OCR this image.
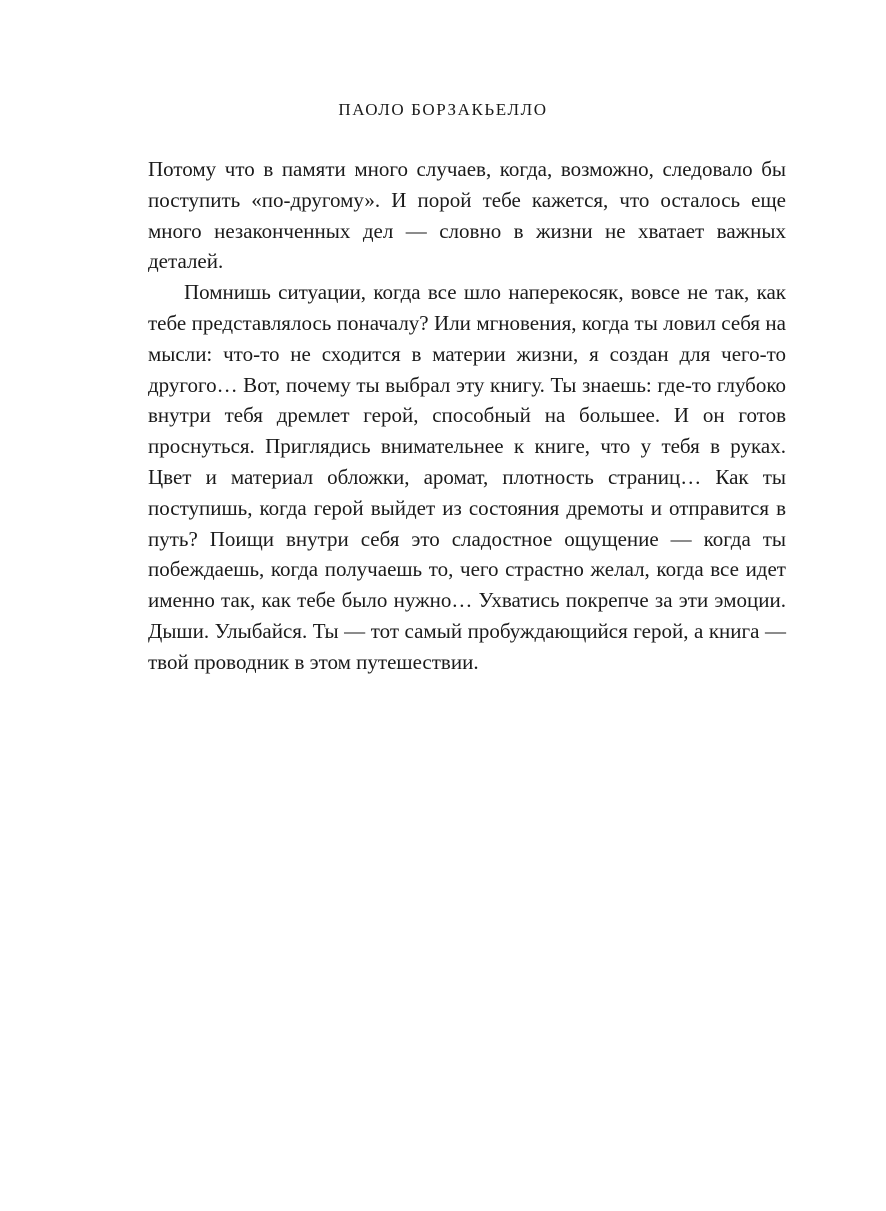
ПАОЛО БОРЗАКЬЕЛЛО

Потому что в памяти много случаев, когда, возможно, следовало бы поступить «по-другому». И порой тебе кажется, что осталось еще много незаконченных дел — словно в жизни не хватает важных деталей.

Помнишь ситуации, когда все шло наперекосяк, вовсе не так, как тебе представлялось поначалу? Или мгновения, когда ты ловил себя на мысли: что-то не сходится в материи жизни, я создан для чего-то другого… Вот, почему ты выбрал эту книгу. Ты знаешь: где-то глубоко внутри тебя дремлет герой, способный на большее. И он готов проснуться. Приглядись внимательнее к книге, что у тебя в руках. Цвет и материал обложки, аромат, плотность страниц… Как ты поступишь, когда герой выйдет из состояния дремоты и отправится в путь? Поищи внутри себя это сладостное ощущение — когда ты побеждаешь, когда получаешь то, чего страстно желал, когда все идет именно так, как тебе было нужно… Ухватись покрепче за эти эмоции. Дыши. Улыбайся. Ты — тот самый пробуждающийся герой, а книга — твой проводник в этом путешествии.
